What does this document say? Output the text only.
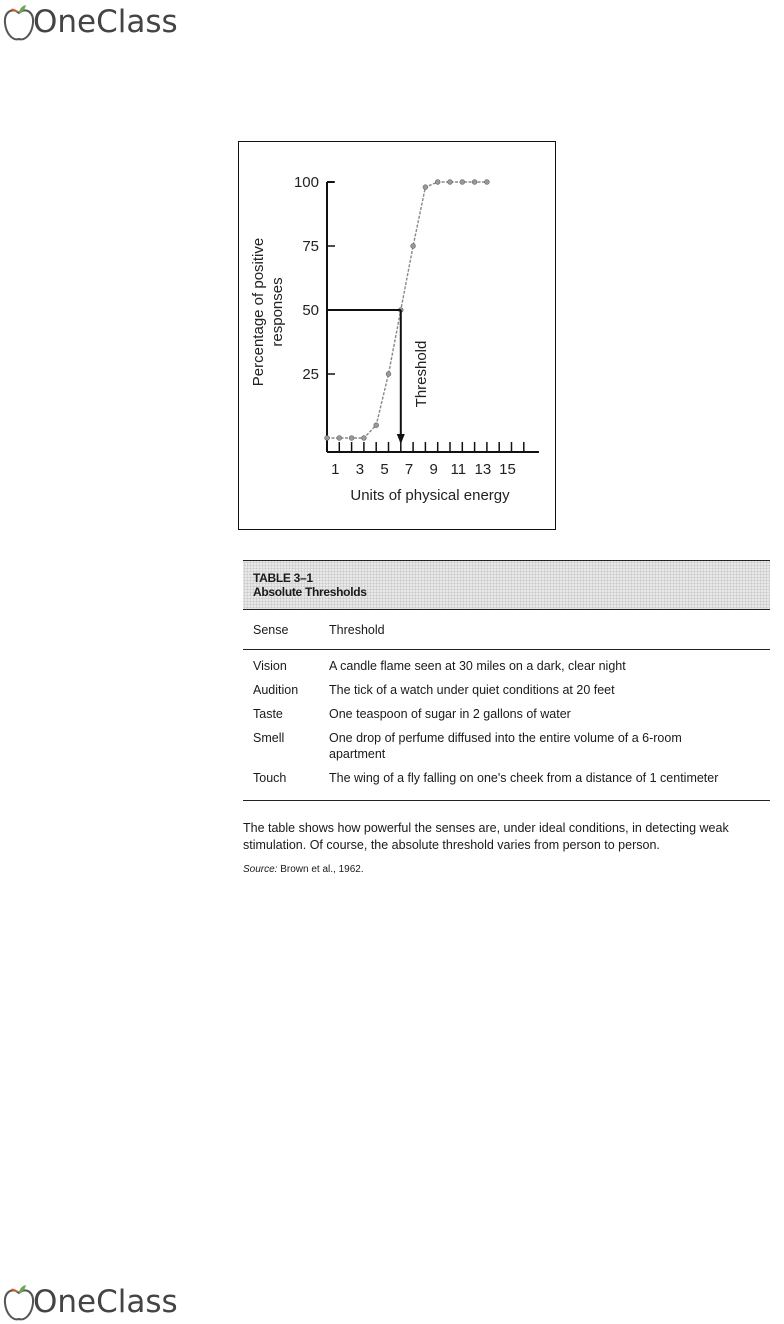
OneClass
100
75
50
25
1 3 5 7 9 11 13 15
Percentage of positive responses
Units of physical energy
Threshold
TABLE 3–1
Absolute Thresholds
Sense	Threshold
Vision	A candle flame seen at 30 miles on a dark, clear night
Audition	The tick of a watch under quiet conditions at 20 feet
Taste	One teaspoon of sugar in 2 gallons of water
Smell	One drop of perfume diffused into the entire volume of a 6-room apartment
Touch	The wing of a fly falling on one's cheek from a distance of 1 centimeter
The table shows how powerful the senses are, under ideal conditions, in detecting weak stimulation. Of course, the absolute threshold varies from person to person.
Source: Brown et al., 1962.
OneClass
